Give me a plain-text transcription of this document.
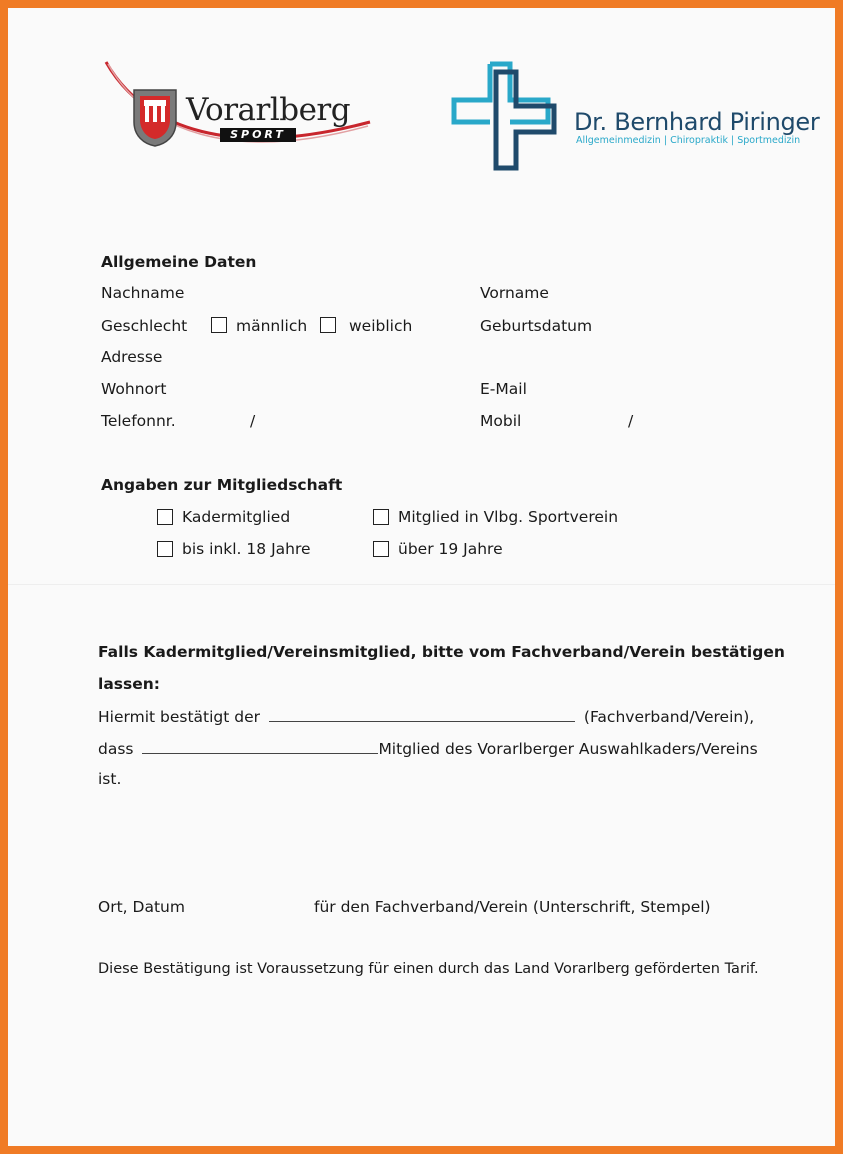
Vorarlberg
SPORT	Dr. Bernhard Piringer
Allgemeinmedizin | Chiropraktik | Sportmedizin
Allgemeine Daten
Nachname	Vorname
Geschlecht	männlich	weiblich	Geburtsdatum
Adresse
Wohnort	E-Mail
Telefonnr.	/	Mobil	/
Angaben zur Mitgliedschaft
Kadermitglied	Mitglied in Vlbg. Sportverein
bis inkl. 18 Jahre	über 19 Jahre
Falls Kadermitglied/Vereinsmitglied, bitte vom Fachverband/Verein bestätigen
lassen:
Hiermit bestätigt der	(Fachverband/Verein),
dass	Mitglied des Vorarlberger Auswahlkaders/Vereins
ist.
Ort, Datum	für den Fachverband/Verein (Unterschrift, Stempel)
Diese Bestätigung ist Voraussetzung für einen durch das Land Vorarlberg geförderten Tarif.
